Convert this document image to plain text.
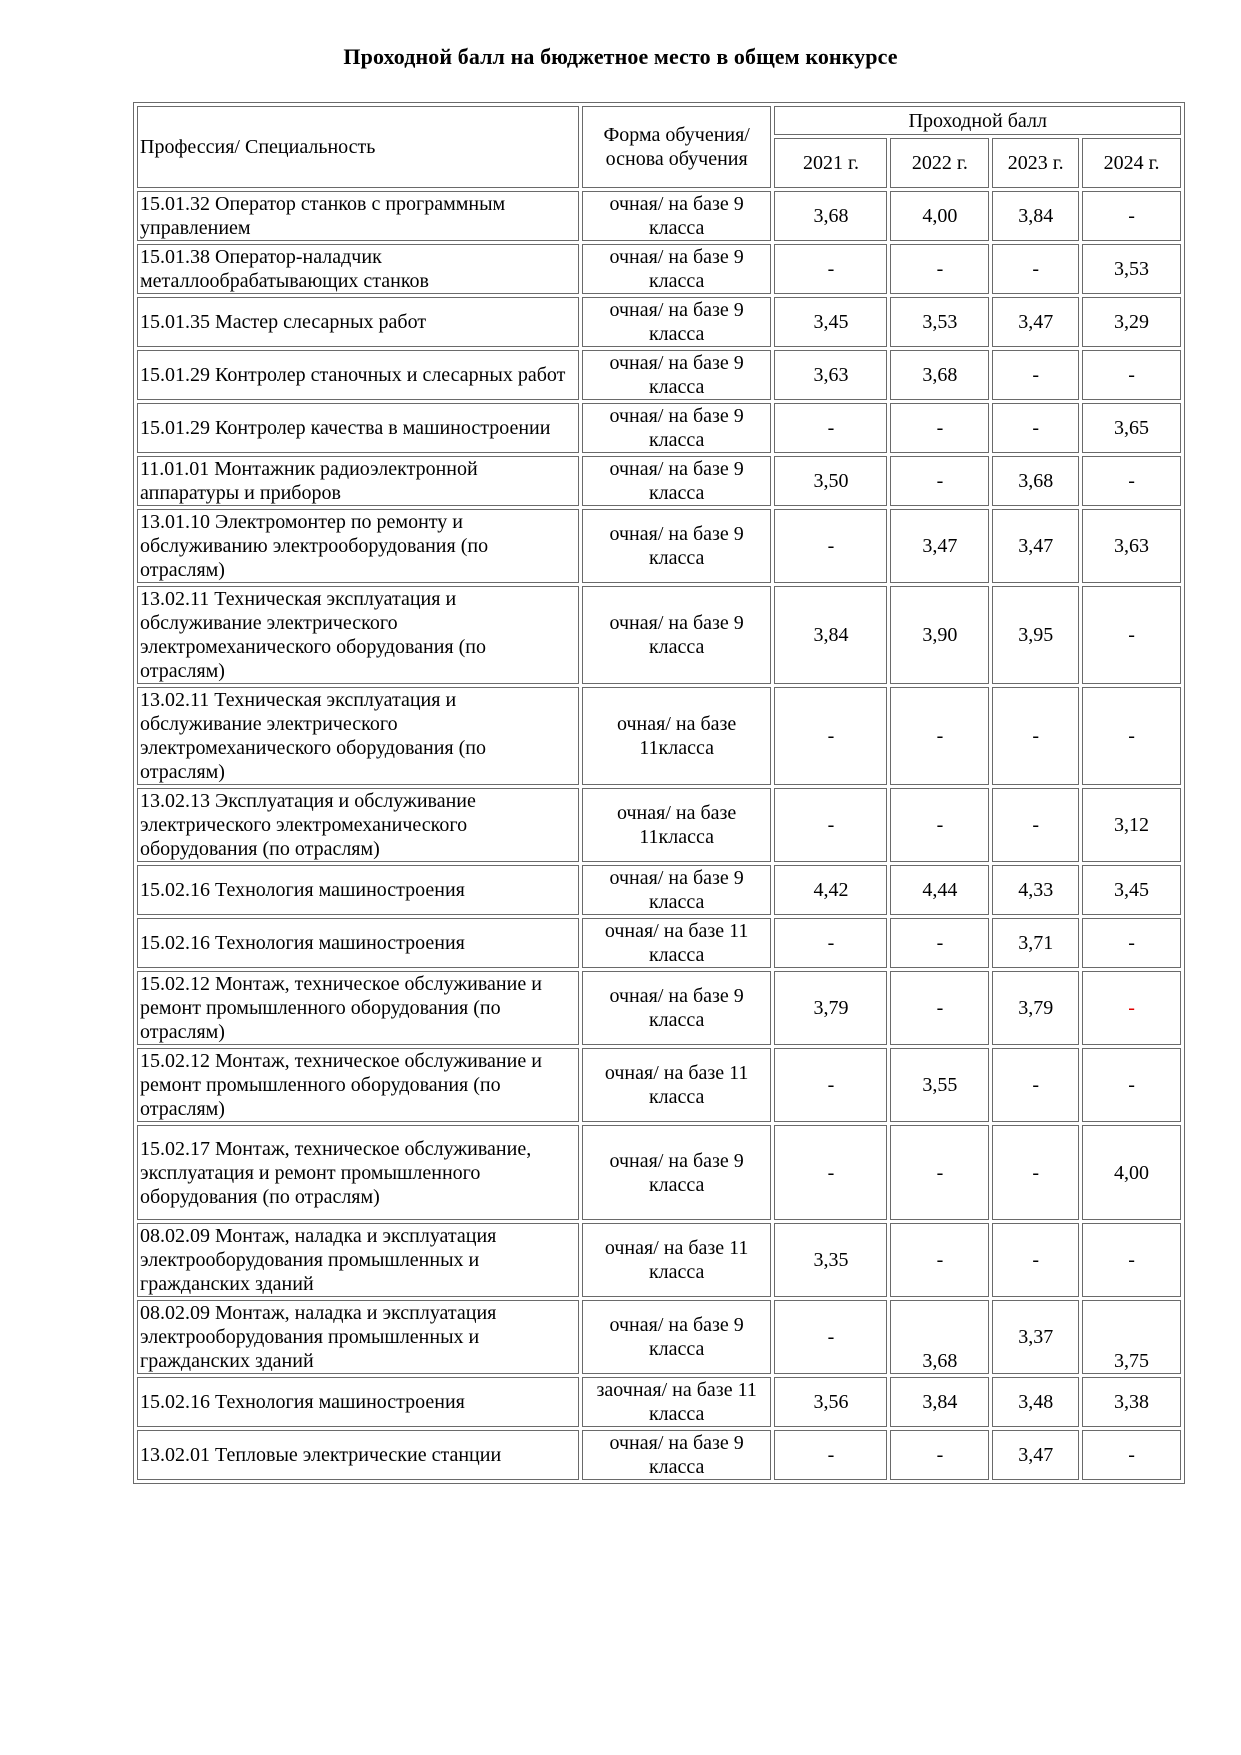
Проходной балл на бюджетное место в общем конкурсе
Профессия/ Специальность	Форма обучения/ основа обучения	Проходной балл			
		2021 г.	2022 г.	2023 г.	2024 г.
15.01.32 Оператор станков с программным управлением	очная/ на базе 9 класса	3,68	4,00	3,84	-
15.01.38 Оператор-наладчик металлообрабатывающих станков	очная/ на базе 9 класса	-	-	-	3,53
15.01.35 Мастер слесарных работ	очная/ на базе 9 класса	3,45	3,53	3,47	3,29
15.01.29 Контролер станочных и слесарных работ	очная/ на базе 9 класса	3,63	3,68	-	-
15.01.29 Контролер качества в машиностроении	очная/ на базе 9 класса	-	-	-	3,65
11.01.01 Монтажник радиоэлектронной аппаратуры и приборов	очная/ на базе 9 класса	3,50	-	3,68	-
13.01.10 Электромонтер по ремонту и обслуживанию электрооборудования (по отраслям)	очная/ на базе 9 класса	-	3,47	3,47	3,63
13.02.11 Техническая эксплуатация и обслуживание электрического электромеханического оборудования (по отраслям)	очная/ на базе 9 класса	3,84	3,90	3,95	-
13.02.11 Техническая эксплуатация и обслуживание электрического электромеханического оборудования (по отраслям)	очная/ на базе 11класса	-	-	-	-
13.02.13 Эксплуатация и обслуживание электрического электромеханического оборудования (по отраслям)	очная/ на базе 11класса	-	-	-	3,12
15.02.16 Технология машиностроения	очная/ на базе 9 класса	4,42	4,44	4,33	3,45
15.02.16 Технология машиностроения	очная/ на базе 11 класса	-	-	3,71	-
15.02.12 Монтаж, техническое обслуживание и ремонт промышленного оборудования (по отраслям)	очная/ на базе 9 класса	3,79	-	3,79	-
15.02.12 Монтаж, техническое обслуживание и ремонт промышленного оборудования (по отраслям)	очная/ на базе 11 класса	-	3,55	-	-
15.02.17 Монтаж, техническое обслуживание, эксплуатация и ремонт промышленного оборудования (по отраслям)	очная/ на базе 9 класса	-	-	-	4,00
08.02.09 Монтаж, наладка и эксплуатация электрооборудования промышленных и гражданских зданий	очная/ на базе 11 класса	3,35	-	-	-
08.02.09 Монтаж, наладка и эксплуатация электрооборудования промышленных и гражданских зданий	очная/ на базе 9 класса	-	3,68	3,37	3,75
15.02.16 Технология машиностроения	заочная/ на базе 11 класса	3,56	3,84	3,48	3,38
13.02.01 Тепловые электрические станции	очная/ на базе 9 класса	-	-	3,47	-
